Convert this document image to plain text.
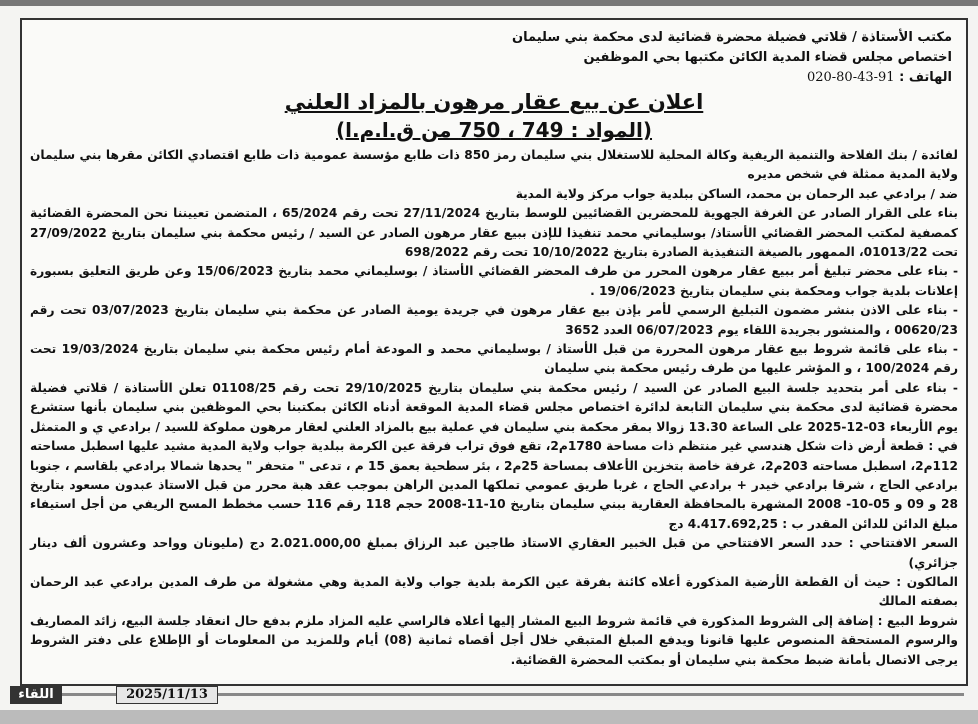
مكتب الأستاذة / قلاتي فضيلة محضرة قضائية لدى محكمة بني سليمان
اختصاص مجلس قضاء المدية الكائن مكتبها بحي الموظفين
الهاتف : 020-80-43-91
اعلان عن بيع عقار مرهون بالمزاد العلني
(المواد : 749 ، 750 من ق.ا.م.ا)

لفائدة / بنك الفلاحة والتنمية الريفية وكالة المحلية للاستغلال بني سليمان رمز 850 ذات طابع مؤسسة عمومية ذات طابع اقتصادي الكائن مقرها بني سليمان ولاية المدية ممثلة في شخص مديره

ضد / برادعي عبد الرحمان بن محمد، الساكن ببلدية جواب مركز ولاية المدية

بناء على القرار الصادر عن الغرفة الجهوية للمحضرين القضائيين للوسط بتاريخ 27/11/2024 تحت رقم 65/2024 ، المتضمن تعييننا نحن المحضرة القضائية كمصفية لمكتب المحضر القضائي الأستاذ/ بوسليماني محمد تنفيذا للإذن ببيع عقار مرهون الصادر عن السيد / رئيس محكمة بني سليمان بتاريخ 27/09/2022 تحت 01013/22، الممهور بالصيغة التنفيذية الصادرة بتاريخ 10/10/2022 تحت رقم 698/2022

- بناء على محضر تبليغ أمر ببيع عقار مرهون المحرر من طرف المحضر القضائي الأستاذ / بوسليماني محمد بتاريخ 15/06/2023 وعن طريق التعليق بسبورة إعلانات بلدية جواب ومحكمة بني سليمان بتاريخ 19/06/2023 .

- بناء على الاذن بنشر مضمون التبليغ الرسمي لأمر بإذن بيع عقار مرهون في جريدة يومية الصادر عن محكمة بني سليمان بتاريخ 03/07/2023 تحت رقم 00620/23 ، والمنشور بجريدة اللقاء يوم 06/07/2023 العدد 3652

- بناء على قائمة شروط بيع عقار مرهون المحررة من قبل الأستاذ / بوسليماني محمد و المودعة أمام رئيس محكمة بني سليمان بتاريخ 19/03/2024 تحت رقم 100/2024 ، و المؤشر عليها من طرف رئيس محكمة بني سليمان

- بناء على أمر بتحديد جلسة البيع الصادر عن السيد / رئيس محكمة بني سليمان بتاريخ 29/10/2025 تحت رقم 01108/25 تعلن الأستاذة / قلاتي فضيلة محضرة قضائية لدى محكمة بني سليمان التابعة لدائرة اختصاص مجلس قضاء المدية الموقعة أدناه الكائن بمكتبنا بحي الموظفين بني سليمان بأنها ستشرع يوم الأربعاء 03-12-2025 على الساعة 13.30 زوالا بمقر محكمة بني سليمان في عملية بيع بالمزاد العلني لعقار مرهون مملوكة للسيد / برادعي ي و المتمثل في : قطعة أرض ذات شكل هندسي غير منتظم ذات مساحة 1780م2، تقع فوق تراب فرقة عين الكرمة ببلدية جواب ولاية المدية مشيد عليها اسطبل مساحته 112م2، اسطبل مساحته 203م2، غرفة خاصة بتخزين الأعلاف بمساحة 25م2 ، بئر سطحية بعمق 15 م ، تدعى " متحفر " يحدها شمالا برادعي بلقاسم ، جنوبا برادعي الحاج ، شرقا برادعي خيدر + برادعي الحاج ، غربا طريق عمومي تملكها المدين الراهن بموجب عقد هبة محرر من قبل الاستاذ عبدون مسعود بتاريخ 28 و 09 و 05-10- 2008 المشهرة بالمحافظة العقارية ببني سليمان بتاريخ 10-11-2008 حجم 118 رقم 116 حسب مخطط المسح الريفي من أجل استيفاء مبلغ الدائن للدائن المقدر ب : 4.417.692,25 دج

السعر الافتتاحي : حدد السعر الافتتاحي من قبل الخبير العقاري الاستاذ طاجين عبد الرزاق بمبلغ 2.021.000,00 دج (مليونان وواحد وعشرون ألف دينار جزائري)

المالكون : حيث أن القطعة الأرضية المذكورة أعلاه كائنة بفرقة عين الكرمة بلدية جواب ولاية المدية وهي مشغولة من طرف المدين برادعي عبد الرحمان بصفته المالك

شروط البيع : إضافة إلى الشروط المذكورة في قائمة شروط البيع المشار إليها أعلاه فالراسي عليه المزاد ملزم بدفع حال انعقاد جلسة البيع، زائد المصاريف والرسوم المستحقة المنصوص عليها قانونا ويدفع المبلغ المتبقي خلال أجل أقصاه ثمانية (08) أيام وللمزيد من المعلومات أو الإطلاع على دفتر الشروط يرجى الاتصال بأمانة ضبط محكمة بني سليمان أو بمكتب المحضرة القضائية.

اللقاء	2025/11/13
